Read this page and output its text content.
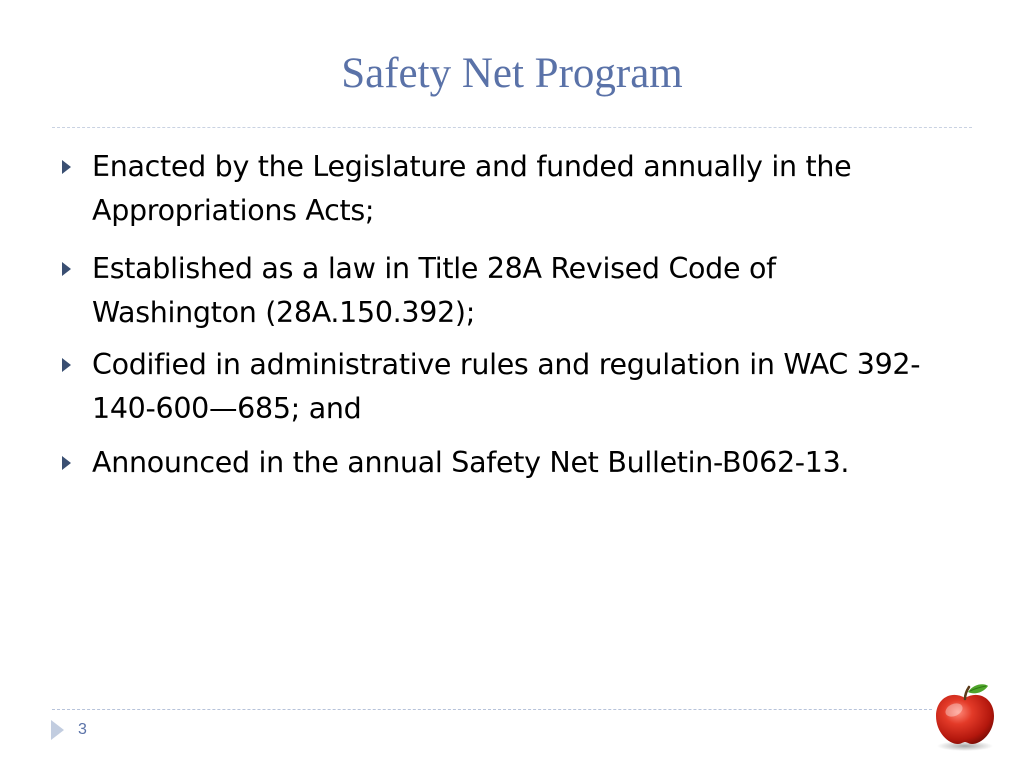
Safety Net Program
Enacted by the Legislature and funded annually in the Appropriations Acts;
Established as a law in Title 28A Revised Code of Washington (28A.150.392);
Codified in administrative rules and regulation in WAC 392-140-600—685; and
Announced in the annual Safety Net Bulletin-B062-13.
3
